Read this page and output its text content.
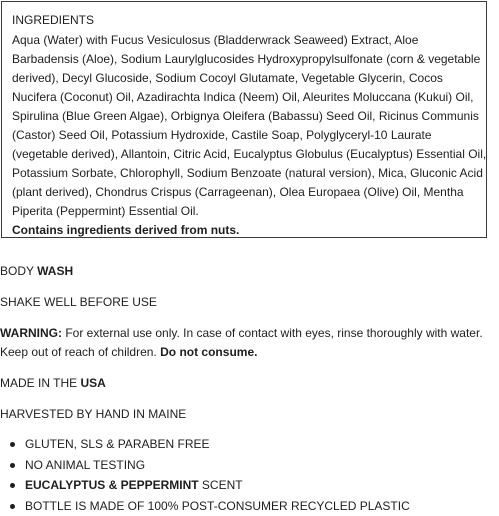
INGREDIENTS

Aqua (Water) with Fucus Vesiculosus (Bladderwrack Seaweed) Extract, Aloe Barbadensis (Aloe), Sodium Laurylglucosides Hydroxypropylsulfonate (corn & vegetable derived), Decyl Glucoside, Sodium Cocoyl Glutamate, Vegetable Glycerin, Cocos Nucifera (Coconut) Oil, Azadirachta Indica (Neem) Oil, Aleurites Moluccana (Kukui) Oil, Spirulina (Blue Green Algae), Orbignya Oleifera (Babassu) Seed Oil, Ricinus Communis (Castor) Seed Oil, Potassium Hydroxide, Castile Soap, Polyglyceryl-10 Laurate (vegetable derived), Allantoin, Citric Acid, Eucalyptus Globulus (Eucalyptus) Essential Oil, Potassium Sorbate, Chlorophyll, Sodium Benzoate (natural version), Mica, Gluconic Acid (plant derived), Chondrus Crispus (Carrageenan), Olea Europaea (Olive) Oil, Mentha Piperita (Peppermint) Essential Oil.

Contains ingredients derived from nuts.

BODY WASH

SHAKE WELL BEFORE USE

WARNING: For external use only. In case of contact with eyes, rinse thoroughly with water. Keep out of reach of children. Do not consume.

MADE IN THE USA

HARVESTED BY HAND IN MAINE

GLUTEN, SLS & PARABEN FREE
NO ANIMAL TESTING
EUCALYPTUS & PEPPERMINT SCENT
BOTTLE IS MADE OF 100% POST-CONSUMER RECYCLED PLASTIC
